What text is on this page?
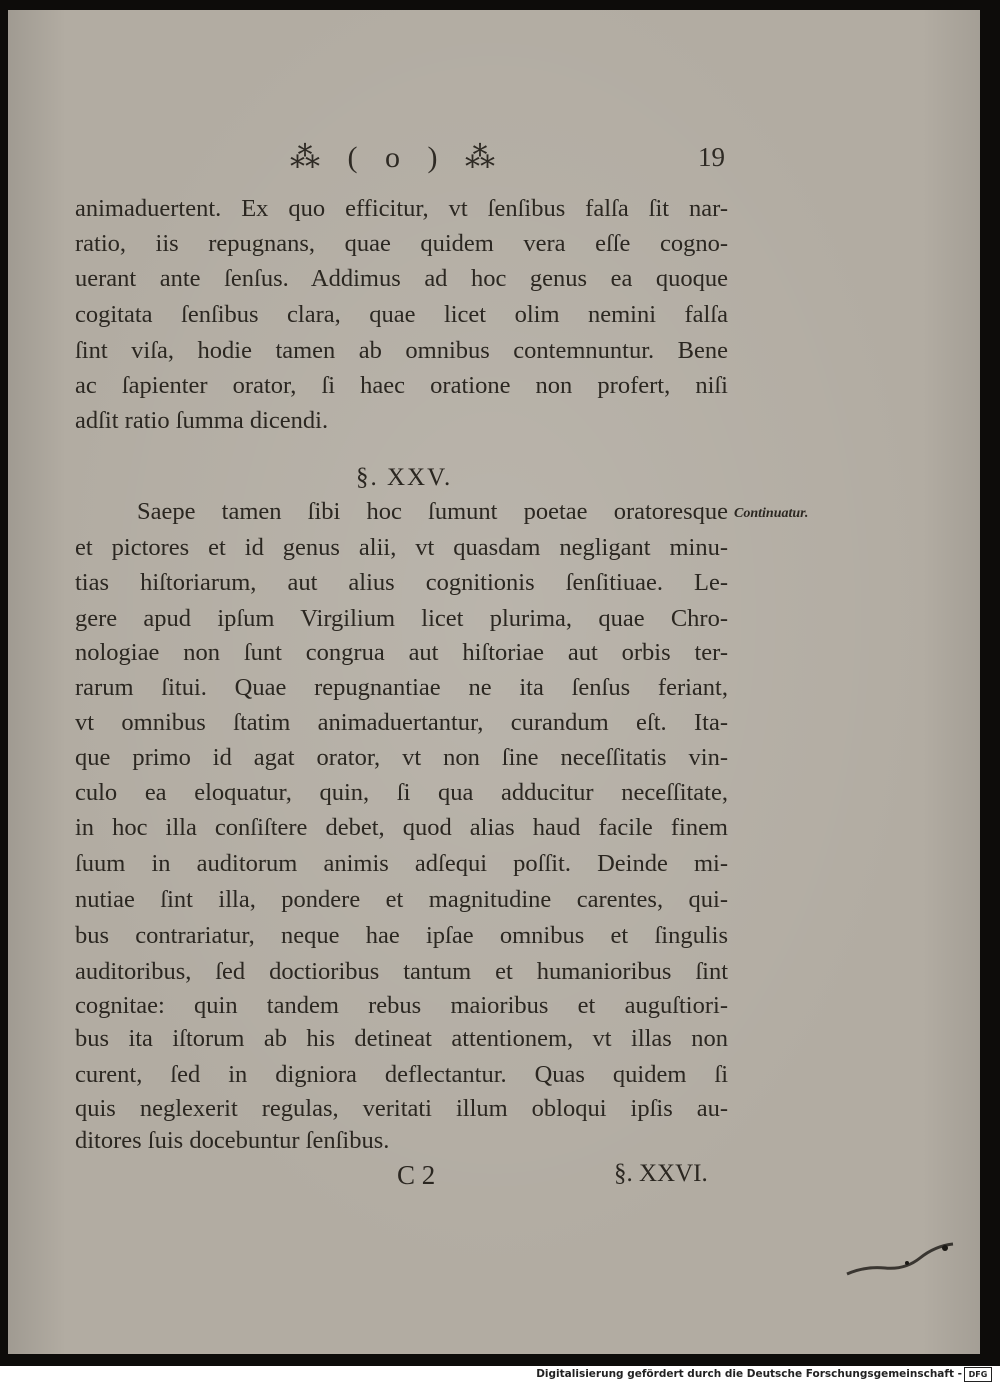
⁂ ( o ) ⁂	19
animaduertent. Ex quo efficitur, vt ſenſibus falſa ſit nar-
ratio, iis repugnans, quae quidem vera eſſe cogno-
uerant ante ſenſus. Addimus ad hoc genus ea quoque
cogitata ſenſibus clara, quae licet olim nemini falſa
ſint viſa, hodie tamen ab omnibus contemnuntur. Bene
ac ſapienter orator, ſi haec oratione non profert, niſi
adſit ratio ſumma dicendi.
§. XXV.
Continuatur.
Saepe tamen ſibi hoc ſumunt poetae oratoresque
et pictores et id genus alii, vt quasdam negligant minu-
tias hiſtoriarum, aut alius cognitionis ſenſitiuae. Le-
gere apud ipſum Virgilium licet plurima, quae Chro-
nologiae non ſunt congrua aut hiſtoriae aut orbis ter-
rarum ſitui. Quae repugnantiae ne ita ſenſus feriant,
vt omnibus ſtatim animaduertantur, curandum eſt. Ita-
que primo id agat orator, vt non ſine neceſſitatis vin-
culo ea eloquatur, quin, ſi qua adducitur neceſſitate,
in hoc illa conſiſtere debet, quod alias haud facile finem
ſuum in auditorum animis adſequi poſſit. Deinde mi-
nutiae ſint illa, pondere et magnitudine carentes, qui-
bus contrariatur, neque hae ipſae omnibus et ſingulis
auditoribus, ſed doctioribus tantum et humanioribus ſint
cognitae: quin tandem rebus maioribus et auguſtiori-
bus ita iſtorum ab his detineat attentionem, vt illas non
curent, ſed in digniora deflectantur. Quas quidem ſi
quis neglexerit regulas, veritati illum obloqui ipſis au-
ditores ſuis docebuntur ſenſibus.
C 2	§. XXVI.
Digitalisierung gefördert durch die Deutsche Forschungsgemeinschaft - DFG
